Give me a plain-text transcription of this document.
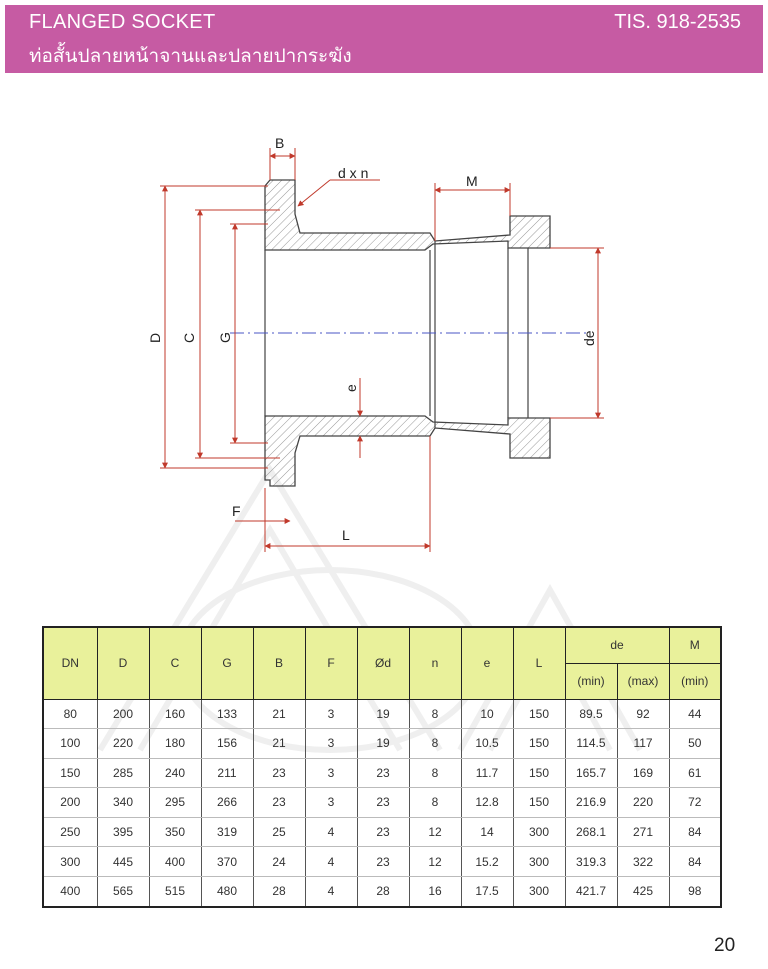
FLANGED SOCKET
ท่อสั้นปลายหน้าจานและปลายปากระฆัง
TIS. 918-2535
B
d x n	M
D C G	de
e
F
L
DN	D	C	G	B	F	Ød	n	e	L	de		M
										(min)	(max)	(min)
80	200	160	133	21	3	19	8	10	150	89.5	92	44
100	220	180	156	21	3	19	8	10.5	150	114.5	117	50
150	285	240	211	23	3	23	8	11.7	150	165.7	169	61
200	340	295	266	23	3	23	8	12.8	150	216.9	220	72
250	395	350	319	25	4	23	12	14	300	268.1	271	84
300	445	400	370	24	4	23	12	15.2	300	319.3	322	84
400	565	515	480	28	4	28	16	17.5	300	421.7	425	98
20
